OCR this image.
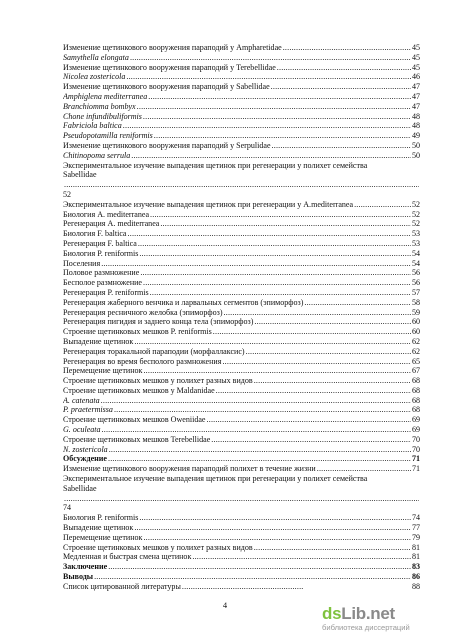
Изменение щетинкового вооружения параподий у Ampharetidae .....	45
Samythella elongata .....	45
Изменение щетинкового вооружения параподий у Terebellidae .....	45
Nicolea zostericola .....	46
Изменение щетинкового вооружения параподий у Sabellidae .....	47
Amphiglena mediterranea .....	47
Branchiomma bombyx .....	47
Chone infundibuliformis .....	48
Fabriciola baltica .....	48
Pseudopotamilla reniformis .....	49
Изменение щетинкового вооружения параподий у Serpulidae .....	50
Chitinopoma serrula .....	50
Экспериментальное изучение выпадения щетинок при регенерации у полихет семейства
Sabellidae
.....
52
Экспериментальное изучение выпадения щетинок при регенерации у A.mediterranea .....	52
Биология A. mediterranea .....	52
Регенерация A. mediterranea .....	52
Биология F. baltica .....	53
Регенерация F. baltica .....	53
Биология P. reniformis .....	54
Поселения .....	54
Половое размножение .....	56
Бесполое размножение .....	56
Регенерация P. reniformis .....	57
Регенерация жаберного венчика и ларвальных сегментов (эпиморфоз) .....	58
Регенерация ресничного желобка (эпиморфоз) .....	59
Регенерация пигидия и заднего конца тела (эпиморфоз) .....	60
Строение щетинковых мешков P. reniformis .....	60
Выпадение щетинок .....	62
Регенерация торакальной параподии (морфаллаксис) .....	62
Регенерация во время бесполого размножения .....	65
Перемещение щетинок .....	67
Строение щетинковых мешков у полихет разных видов .....	68
Строение щетинковых мешков у Maldanidae .....	68
A. catenata .....	68
P. praetermissa .....	68
Строение щетинковых мешков Oweniidae .....	69
G. oculeata .....	69
Строение щетинковых мешков Terebellidae .....	70
N. zostericola .....	70
Обсуждение .....	71
Изменение щетинкового вооружения параподий полихет в течение жизни .....	71
Экспериментальное изучение выпадения щетинок при регенерации у полихет семейства
Sabellidae
.....
74
Биология P. reniformis .....	74
Выпадение щетинок .....	77
Перемещение щетинок .....	79
Строение щетинковых мешков у полихет разных видов .....	81
Медленная и быстрая смена щетинок .....	81
Заключение .....	83
Выводы .....	86
Список цитированной литературы .....	88
4	dsLib.net
библиотека диссертаций
